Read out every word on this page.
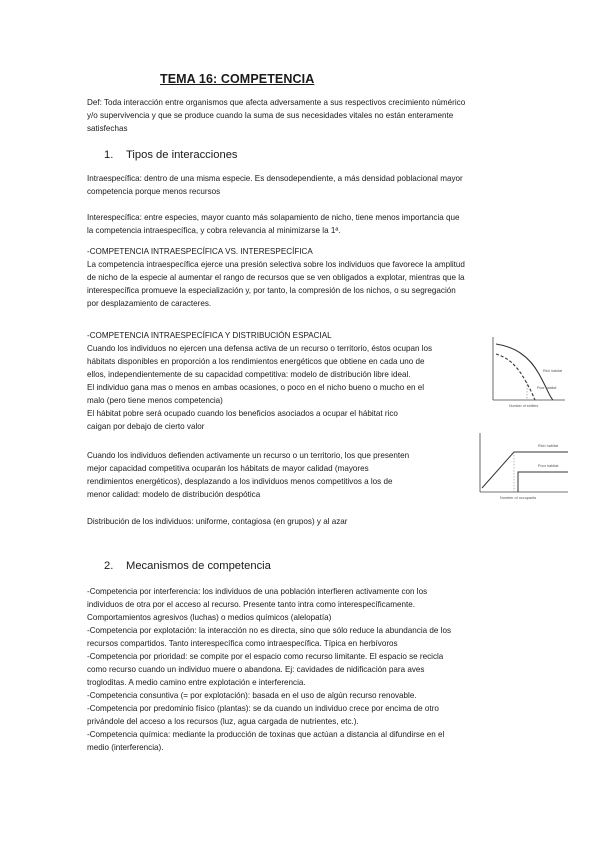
TEMA 16: COMPETENCIA

Def: Toda interacción entre organismos que afecta adversamente a sus respectivos crecimiento númérico

y/o supervivencia y que se produce cuando la suma de sus necesidades vitales no están enteramente

satisfechas

1. Tipos de interacciones

Intraespecífica: dentro de una misma especie. Es densodependiente, a más densidad poblacional mayor

competencia porque menos recursos

Interespecífica: entre especies, mayor cuanto más solapamiento de nicho, tiene menos importancia que

la competencia intraespecífica, y cobra relevancia al minimizarse la 1ª.

-COMPETENCIA INTRAESPECÍFICA VS. INTERESPECÍFICA

La competencia intraespecífica ejerce una presión selectiva sobre los individuos que favorece la amplitud

de nicho de la especie al aumentar el rango de recursos que se ven obligados a explotar, mientras que la

interespecífica promueve la especialización y, por tanto, la compresión de los nichos, o su segregación

por desplazamiento de caracteres.

-COMPETENCIA INTRAESPECÍFICA Y DISTRIBUCIÓN ESPACIAL

Cuando los individuos no ejercen una defensa activa de un recurso o territorio, éstos ocupan los

hábitats disponibles en proporción a los rendimientos energéticos que obtiene en cada uno de

ellos, independientemente de su capacidad competitiva: modelo de distribución libre ideal.

El individuo gana mas o menos en ambas ocasiones, o poco en el nicho bueno o mucho en el

malo (pero tiene menos competencia)

El hábitat pobre será ocupado cuando los beneficios asociados a ocupar el hábitat rico

caigan por debajo de cierto valor

Cuando los individuos defienden activamente un recurso o un territorio, los que presenten

mejor capacidad competitiva ocuparán los hábitats de mayor calidad (mayores

rendimientos energéticos), desplazando a los individuos menos competitivos a los de

menor calidad: modelo de distribución despótica

Distribución de los individuos: uniforme, contagiosa (en grupos) y al azar

Rich habitat
Poor habitat
Number of settlers
Rich habitat
Poor habitat
Number of occupants
2. Mecanismos de competencia

-Competencia por interferencia: los individuos de una población interfieren activamente con los

individuos de otra por el acceso al recurso. Presente tanto intra como interespecíficamente.

Comportamientos agresivos (luchas) o medios químicos (alelopatía)

-Competencia por explotación: la interacción no es directa, sino que sólo reduce la abundancia de los

recursos compartidos. Tanto interespecífica como intraespecífica. Típica en herbívoros

-Competencia por prioridad: se compite por el espacio como recurso limitante. El espacio se recicla

como recurso cuando un individuo muere o abandona. Ej: cavidades de nidificación para aves

trogloditas. A medio camino entre explotación e interferencia.

-Competencia consuntiva (= por explotación): basada en el uso de algún recurso renovable.

-Competencia por predominio físico (plantas): se da cuando un individuo crece por encima de otro

privándole del acceso a los recursos (luz, agua cargada de nutrientes, etc.).

-Competencia química: mediante la producción de toxinas que actúan a distancia al difundirse en el

medio (interferencia).
